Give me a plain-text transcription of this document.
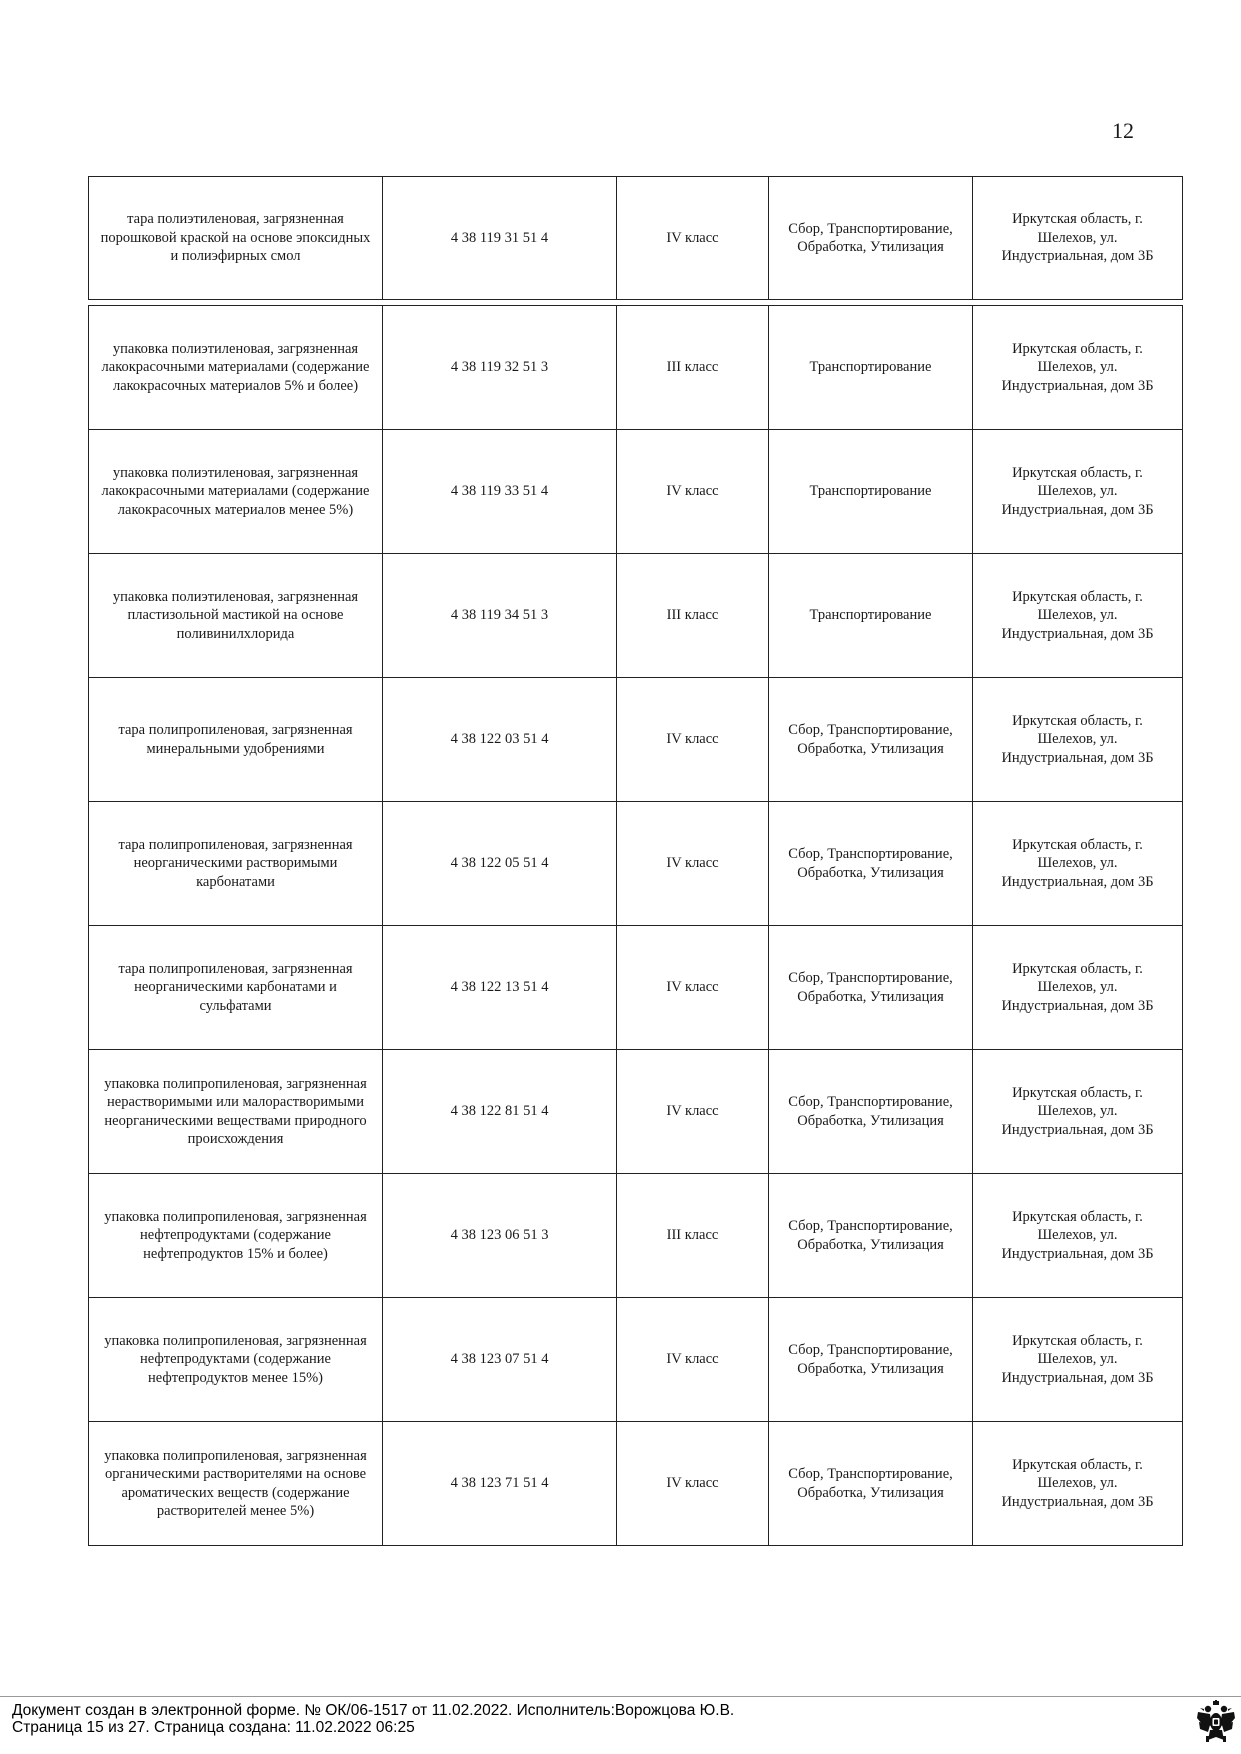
12
тара полиэтиленовая, загрязненная порошковой краской на основе эпоксидных и полиэфирных смол	4 38 119 31 51 4	IV класс	Сбор, Транспортирование, Обработка, Утилизация	Иркутская область, г. Шелехов, ул. Индустриальная, дом 3Б

упаковка полиэтиленовая, загрязненная лакокрасочными материалами (содержание лакокрасочных материалов 5% и более)	4 38 119 32 51 3	III класс	Транспортирование	Иркутская область, г. Шелехов, ул. Индустриальная, дом 3Б
упаковка полиэтиленовая, загрязненная лакокрасочными материалами (содержание лакокрасочных материалов менее 5%)	4 38 119 33 51 4	IV класс	Транспортирование	Иркутская область, г. Шелехов, ул. Индустриальная, дом 3Б
упаковка полиэтиленовая, загрязненная пластизольной мастикой на основе поливинилхлорида	4 38 119 34 51 3	III класс	Транспортирование	Иркутская область, г. Шелехов, ул. Индустриальная, дом 3Б
тара полипропиленовая, загрязненная минеральными удобрениями	4 38 122 03 51 4	IV класс	Сбор, Транспортирование, Обработка, Утилизация	Иркутская область, г. Шелехов, ул. Индустриальная, дом 3Б
тара полипропиленовая, загрязненная неорганическими растворимыми карбонатами	4 38 122 05 51 4	IV класс	Сбор, Транспортирование, Обработка, Утилизация	Иркутская область, г. Шелехов, ул. Индустриальная, дом 3Б
тара полипропиленовая, загрязненная неорганическими карбонатами и сульфатами	4 38 122 13 51 4	IV класс	Сбор, Транспортирование, Обработка, Утилизация	Иркутская область, г. Шелехов, ул. Индустриальная, дом 3Б
упаковка полипропиленовая, загрязненная нерастворимыми или малорастворимыми неорганическими веществами природного происхождения	4 38 122 81 51 4	IV класс	Сбор, Транспортирование, Обработка, Утилизация	Иркутская область, г. Шелехов, ул. Индустриальная, дом 3Б
упаковка полипропиленовая, загрязненная нефтепродуктами (содержание нефтепродуктов 15% и более)	4 38 123 06 51 3	III класс	Сбор, Транспортирование, Обработка, Утилизация	Иркутская область, г. Шелехов, ул. Индустриальная, дом 3Б
упаковка полипропиленовая, загрязненная нефтепродуктами (содержание нефтепродуктов менее 15%)	4 38 123 07 51 4	IV класс	Сбор, Транспортирование, Обработка, Утилизация	Иркутская область, г. Шелехов, ул. Индустриальная, дом 3Б
упаковка полипропиленовая, загрязненная органическими растворителями на основе ароматических веществ (содержание растворителей менее 5%)	4 38 123 71 51 4	IV класс	Сбор, Транспортирование, Обработка, Утилизация	Иркутская область, г. Шелехов, ул. Индустриальная, дом 3Б
Документ создан в электронной форме. № ОК/06-1517 от 11.02.2022. Исполнитель:Ворожцова Ю.В.
Страница 15 из 27. Страница создана: 11.02.2022 06:25
